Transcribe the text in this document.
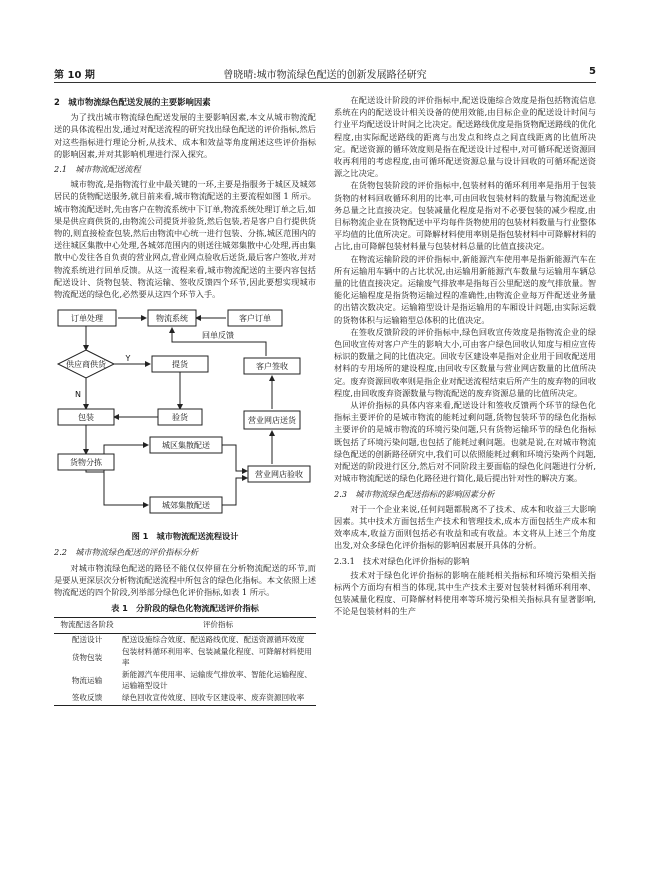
第 10 期	曾晓晴:城市物流绿色配送的创新发展路径研究	5
2　城市物流绿色配送发展的主要影响因素

为了找出城市物流绿色配送发展的主要影响因素,本文从城市物流配送的具体流程出发,通过对配送流程的研究找出绿色配送的评价指标,然后对这些指标进行理论分析,从技术、成本和效益等角度阐述这些评价指标的影响因素,并对其影响机理进行深入探究。

2.1　城市物流配送流程

城市物流,是指物流行业中最关键的一环,主要是指服务于城区及城郊居民的货物配送服务,就目前来看,城市物流配送的主要流程如图 1 所示。城市物流配送时,先由客户在物流系统中下订单,物流系统处理订单之后,如果是供应商供货的,由物流公司提货并验货,然后包装,若是客户自行提供货物的,则直接检查包装,然后由物流中心统一进行包装、分拣,城区范围内的送往城区集散中心处理,各城郊范围内的则送往城郊集散中心处理,再由集散中心发往各自负责的营业网点,营业网点验收后送货,最后客户签收,并对物流系统进行回单反馈。从这一流程来看,城市物流配送的主要内容包括配送设计、货物包装、物流运输、签收反馈四个环节,因此要想实现城市物流配送的绿色化,必然要从这四个环节入手。

订单处理	物流系统	客户订单
供应商供货	提货	客户签收
包装	验货	营业网店送货
货物分拣
城区集散配送
城郊集散配送
营业网店验收
Y
N
回单反馈
图 1　城市物流配送流程设计
2.2　城市物流绿色配送的评价指标分析

对城市物流绿色配送的路径不能仅仅停留在分析物流配送的环节,而是要从更深层次分析物流配送流程中所包含的绿色化指标。本文依照上述物流配送的四个阶段,列举部分绿色化评价指标,如表 1 所示。

表 1　分阶段的绿色化物流配送评价指标
物流配送各阶段	评价指标
配送设计	配送设施综合效度、配送路线优度、配送资源循环效度
货物包装	包装材料循环利用率、包装减量化程度、可降解材料使用率
物流运输	新能源汽车使用率、运输废气排放率、智能化运输程度、运输箱型设计
签收反馈	绿色回收宣传效度、回收专区建设率、废弃资源回收率

在配送设计阶段的评价指标中,配送设施综合效度是指包括物流信息系统在内的配送设计相关设备的使用效能,由目标企业的配送设计时间与行业平均配送设计时间之比决定。配送路线优度是指货物配送路线的优化程度,由实际配送路线的距离与出发点和终点之间直线距离的比值所决定。配送资源的循环效度则是指在配送设计过程中,对可循环配送资源回收再利用的考虑程度,由可循环配送资源总量与设计回收的可循环配送资源之比决定。

在货物包装阶段的评价指标中,包装材料的循环利用率是指用于包装货物的材料回收循环利用的比率,可由回收包装材料的数量与物流配送业务总量之比直接决定。包装减量化程度是指对不必要包装的减少程度,由目标物流企业在货物配送中平均每件货物使用的包装材料数量与行业整体平均值的比值所决定。可降解材料使用率则是指包装材料中可降解材料的占比,由可降解包装材料量与包装材料总量的比值直接决定。

在物流运输阶段的评价指标中,新能源汽车使用率是指新能源汽车在所有运输用车辆中的占比状况,由运输用新能源汽车数量与运输用车辆总量的比值直接决定。运输废气排放率是指每百公里配送的废气排放量。智能化运输程度是指货物运输过程的准确性,由物流企业每万件配送业务量的出错次数决定。运输箱型设计是指运输用的车厢设计问题,由实际运载的货物体积与运输箱型总体积的比值决定。

在签收反馈阶段的评价指标中,绿色回收宣传效度是指物流企业的绿色回收宣传对客户产生的影响大小,可由客户绿色回收认知度与相应宣传标识的数量之间的比值决定。回收专区建设率是指对企业用于回收配送用材料的专用场所的建设程度,由回收专区数量与营业网店数量的比值所决定。废弃资源回收率则是指企业对配送流程结束后所产生的废弃物的回收程度,由回收废弃资源数量与物流配送的废弃资源总量的比值所决定。

从评价指标的具体内容来看,配送设计和签收反馈两个环节的绿色化指标主要评价的是城市物流的能耗过剩问题,货物包装环节的绿色化指标主要评价的是城市物流的环境污染问题,只有货物运输环节的绿色化指标既包括了环境污染问题,也包括了能耗过剩问题。也就是说,在对城市物流绿色配送的创新路径研究中,我们可以依照能耗过剩和环境污染两个问题,对配送的阶段进行区分,然后对不同阶段主要面临的绿色化问题进行分析,对城市物流配送的绿色化路径进行简化,最后提出针对性的解决方案。

2.3　城市物流绿色配送指标的影响因素分析

对于一个企业来说,任何问题都脱离不了技术、成本和收益三大影响因素。其中技术方面包括生产技术和管理技术,成本方面包括生产成本和效率成本,收益方面则包括必有收益和或有收益。本文将从上述三个角度出发,对众多绿色化评价指标的影响因素展开具体的分析。

2.3.1　技术对绿色化评价指标的影响

技术对于绿色化评价指标的影响在能耗相关指标和环境污染相关指标两个方面均有相当的体现,其中生产技术主要对包装材料循环利用率、包装减量化程度、可降解材料使用率等环境污染相关指标具有显著影响,不论是包装材料的生产
